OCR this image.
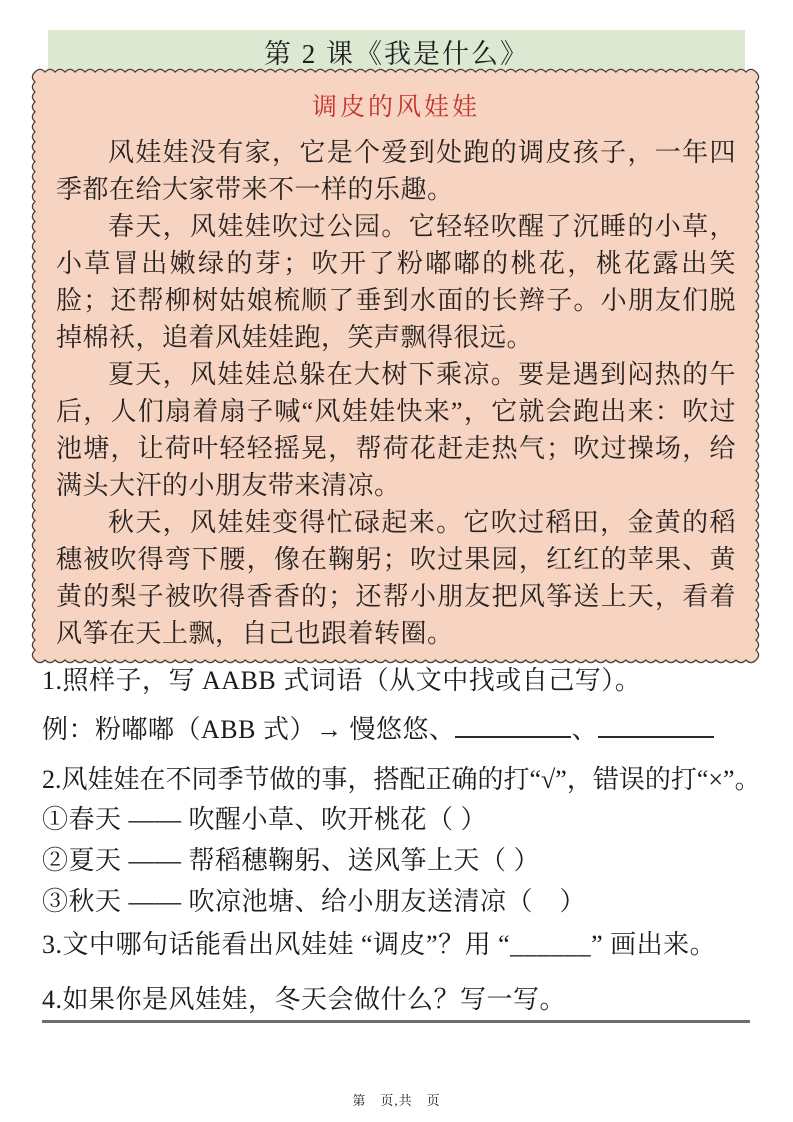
第 2 课《我是什么》
调皮的风娃娃

风娃娃没有家，它是个爱到处跑的调皮孩子，一年四季都在给大家带来不一样的乐趣。

春天，风娃娃吹过公园。它轻轻吹醒了沉睡的小草，小草冒出嫩绿的芽；吹开了粉嘟嘟的桃花，桃花露出笑脸；还帮柳树姑娘梳顺了垂到水面的长辫子。小朋友们脱掉棉袄，追着风娃娃跑，笑声飘得很远。

夏天，风娃娃总躲在大树下乘凉。要是遇到闷热的午后，人们扇着扇子喊“风娃娃快来”，它就会跑出来：吹过池塘，让荷叶轻轻摇晃，帮荷花赶走热气；吹过操场，给满头大汗的小朋友带来清凉。

秋天，风娃娃变得忙碌起来。它吹过稻田，金黄的稻穗被吹得弯下腰，像在鞠躬；吹过果园，红红的苹果、黄黄的梨子被吹得香香的；还帮小朋友把风筝送上天，看着风筝在天上飘，自己也跟着转圈。

1.照样子，写 AABB 式词语（从文中找或自己写）。
例：粉嘟嘟（ABB 式）→ 慢悠悠、	、
2.风娃娃在不同季节做的事，搭配正确的打“√”，错误的打“×”。
①春天 —— 吹醒小草、吹开桃花（ ）
②夏天 —— 帮稻穗鞠躬、送风筝上天（ ）
③秋天 —— 吹凉池塘、给小朋友送清凉（　）
3.文中哪句话能看出风娃娃 “调皮”？用 “______” 画出来。
4.如果你是风娃娃，冬天会做什么？写一写。
第　页,共　页
